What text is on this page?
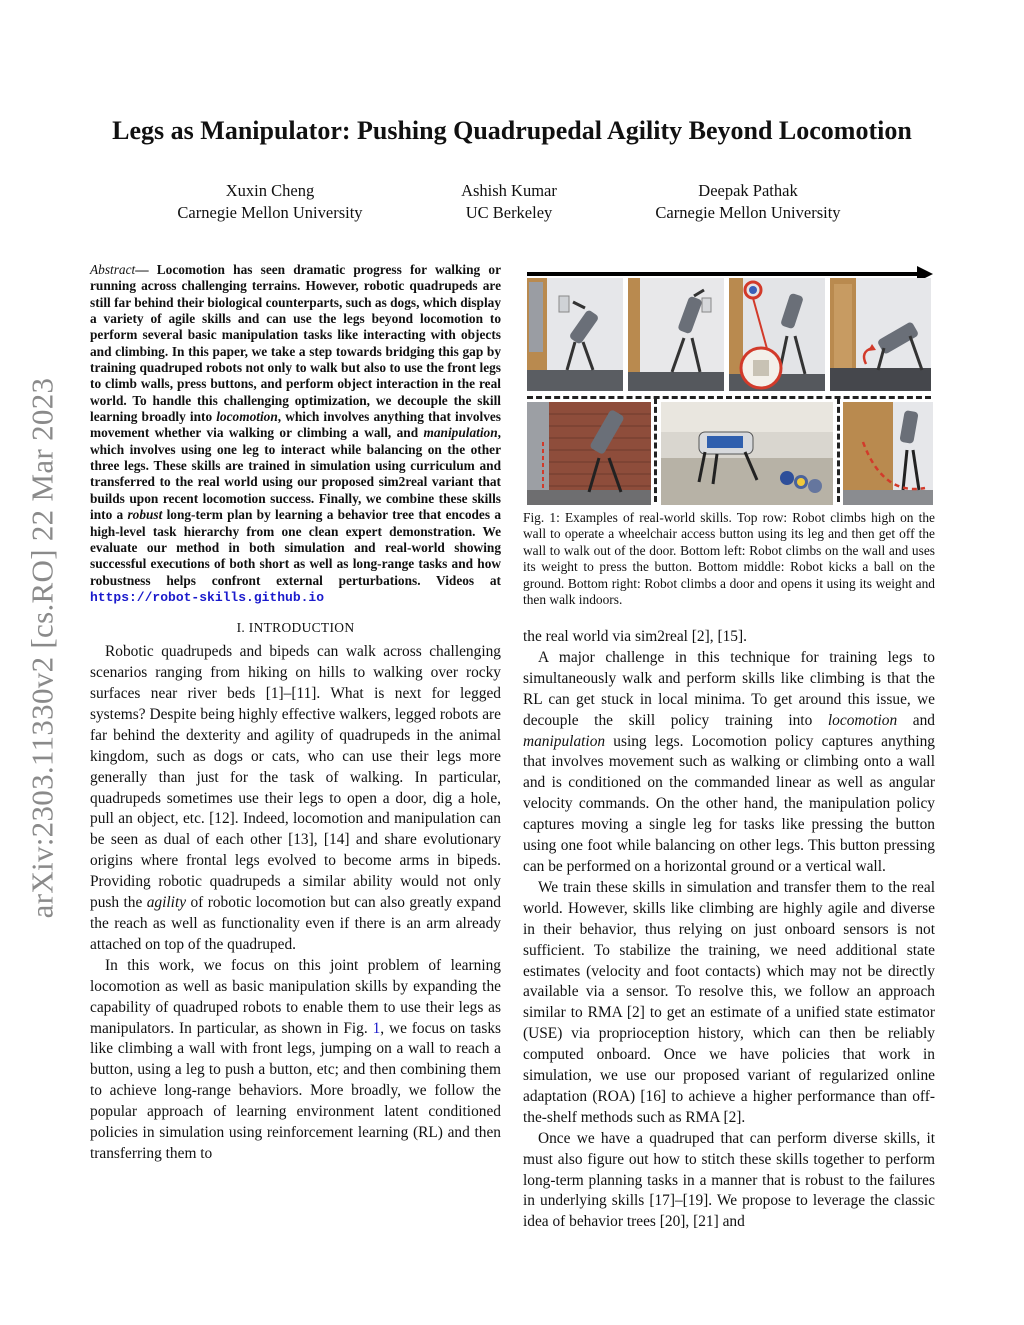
arXiv:2303.11330v2 [cs.RO] 22 Mar 2023
Legs as Manipulator: Pushing Quadrupedal Agility Beyond Locomotion
Xuxin Cheng
Carnegie Mellon University
Ashish Kumar
UC Berkeley
Deepak Pathak
Carnegie Mellon University

Abstract— Locomotion has seen dramatic progress for walking or running across challenging terrains. However, robotic quadrupeds are still far behind their biological counterparts, such as dogs, which display a variety of agile skills and can use the legs beyond locomotion to perform several basic manipulation tasks like interacting with objects and climbing. In this paper, we take a step towards bridging this gap by training quadruped robots not only to walk but also to use the front legs to climb walls, press buttons, and perform object interaction in the real world. To handle this challenging optimization, we decouple the skill learning broadly into locomotion, which involves anything that involves movement whether via walking or climbing a wall, and manipulation, which involves using one leg to interact while balancing on the other three legs. These skills are trained in simulation using curriculum and transferred to the real world using our proposed sim2real variant that builds upon recent locomotion success. Finally, we combine these skills into a robust long-term plan by learning a behavior tree that encodes a high-level task hierarchy from one clean expert demonstration. We evaluate our method in both simulation and real-world showing successful executions of both short as well as long-range tasks and how robustness helps confront external perturbations. Videos at https://robot-skills.github.io

I. INTRODUCTION

Robotic quadrupeds and bipeds can walk across challenging scenarios ranging from hiking on hills to walking over rocky surfaces near river beds [1]–[11]. What is next for legged systems? Despite being highly effective walkers, legged robots are far behind the dexterity and agility of quadrupeds in the animal kingdom, such as dogs or cats, who can use their legs more generally than just for the task of walking. In particular, quadrupeds sometimes use their legs to open a door, dig a hole, pull an object, etc. [12]. Indeed, locomotion and manipulation can be seen as dual of each other [13], [14] and share evolutionary origins where frontal legs evolved to become arms in bipeds. Providing robotic quadrupeds a similar ability would not only push the agility of robotic locomotion but can also greatly expand the reach as well as functionality even if there is an arm already attached on top of the quadruped.

In this work, we focus on this joint problem of learning locomotion as well as basic manipulation skills by expanding the capability of quadruped robots to enable them to use their legs as manipulators. In particular, as shown in Fig. 1, we focus on tasks like climbing a wall with front legs, jumping on a wall to reach a button, using a leg to push a button, etc; and then combining them to achieve long-range behaviors. More broadly, we follow the popular approach of learning environment latent conditioned policies in simulation using reinforcement learning (RL) and then transferring them to

Fig. 1: Examples of real-world skills. Top row: Robot climbs high on the wall to operate a wheelchair access button using its leg and then get off the wall to walk out of the door. Bottom left: Robot climbs on the wall and uses its weight to press the button. Bottom middle: Robot kicks a ball on the ground. Bottom right: Robot climbs a door and opens it using its weight and then walk indoors.

the real world via sim2real [2], [15].

A major challenge in this technique for training legs to simultaneously walk and perform skills like climbing is that the RL can get stuck in local minima. To get around this issue, we decouple the skill policy training into locomotion and manipulation using legs. Locomotion policy captures anything that involves movement such as walking or climbing onto a wall and is conditioned on the commanded linear as well as angular velocity commands. On the other hand, the manipulation policy captures moving a single leg for tasks like pressing the button using one foot while balancing on other legs. This button pressing can be performed on a horizontal ground or a vertical wall.

We train these skills in simulation and transfer them to the real world. However, skills like climbing are highly agile and diverse in their behavior, thus relying on just onboard sensors is not sufficient. To stabilize the training, we need additional state estimates (velocity and foot contacts) which may not be directly available via a sensor. To resolve this, we follow an approach similar to RMA [2] to get an estimate of a unified state estimator (USE) via proprioception history, which can then be reliably computed onboard. Once we have policies that work in simulation, we use our proposed variant of regularized online adaptation (ROA) [16] to achieve a higher performance than off-the-shelf methods such as RMA [2].

Once we have a quadruped that can perform diverse skills, it must also figure out how to stitch these skills together to perform long-term planning tasks in a manner that is robust to the failures in underlying skills [17]–[19]. We propose to leverage the classic idea of behavior trees [20], [21] and
